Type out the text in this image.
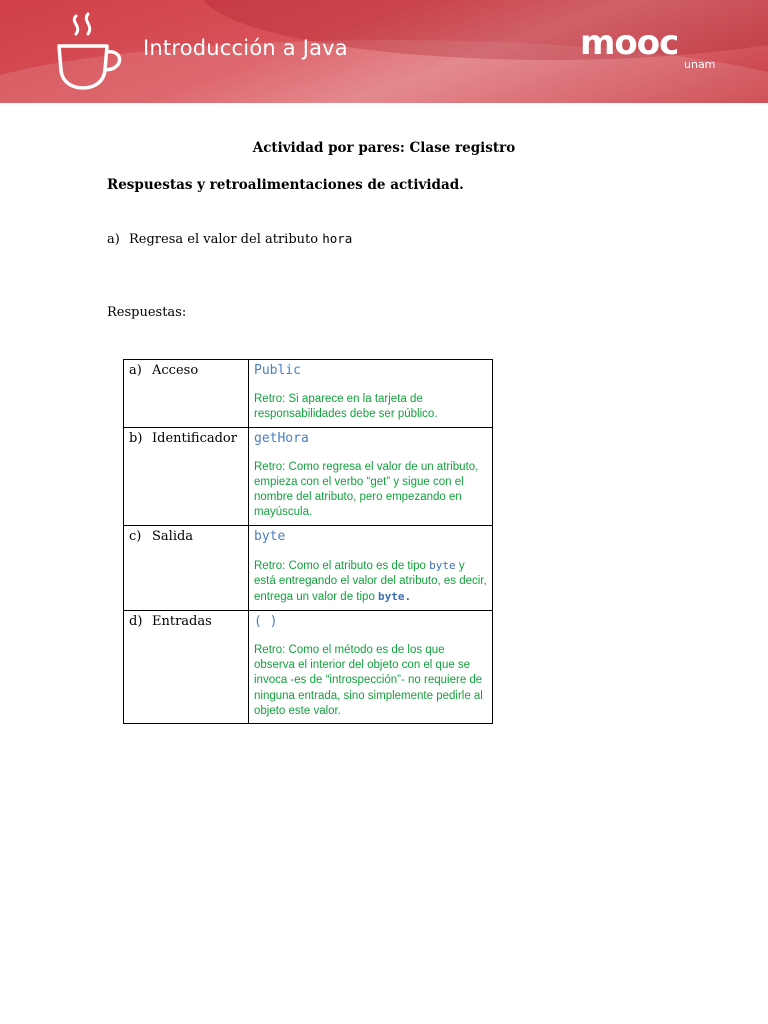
Introducción a Java	mooc
unam
Actividad por pares: Clase registro
Respuestas y retroalimentaciones de actividad.
a) Regresa el valor del atributo hora
Respuestas:
a) Acceso	Public
Retro: Si aparece en la tarjeta de responsabilidades debe ser público.

b) Identificador	getHora
Retro: Como regresa el valor de un atributo, empieza con el verbo “get” y sigue con el nombre del atributo, pero empezando en mayúscula.

c) Salida	byte
Retro: Como el atributo es de tipo byte y está entregando el valor del atributo, es decir, entrega un valor de tipo byte.

d) Entradas	( )
Retro: Como el método es de los que observa el interior del objeto con el que se invoca -es de “introspección”- no requiere de ninguna entrada, sino simplemente pedirle al objeto este valor.
